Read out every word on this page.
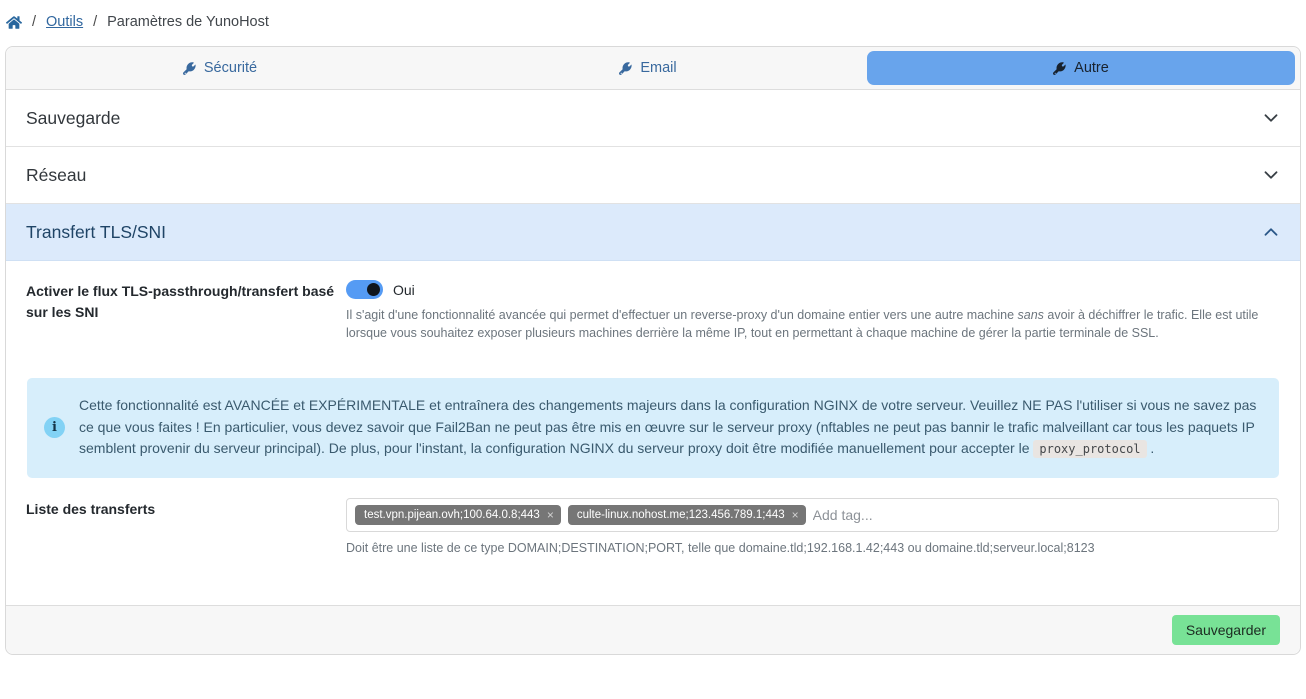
/ Outils / Paramètres de YunoHost
Sécurité	Email	Autre
Sauvegarde
Réseau
Transfert TLS/SNI
Activer le flux TLS-passthrough/transfert basé sur les SNI
Oui

Il s'agit d'une fonctionnalité avancée qui permet d'effectuer un reverse-proxy d'un domaine entier vers une autre machine sans avoir à déchiffrer le trafic. Elle est utile lorsque vous souhaitez exposer plusieurs machines derrière la même IP, tout en permettant à chaque machine de gérer la partie terminale de SSL.

i

Cette fonctionnalité est AVANCÉE et EXPÉRIMENTALE et entraînera des changements majeurs dans la configuration NGINX de votre serveur. Veuillez NE PAS l'utiliser si vous ne savez pas ce que vous faites ! En particulier, vous devez savoir que Fail2Ban ne peut pas être mis en œuvre sur le serveur proxy (nftables ne peut pas bannir le trafic malveillant car tous les paquets IP semblent provenir du serveur principal). De plus, pour l'instant, la configuration NGINX du serveur proxy doit être modifiée manuellement pour accepter le proxy_protocol .

Liste des transferts	test.vpn.pijean.ovh;100.64.0.8;443 × culte-linux.nohost.me;123.456.789.1;443 ×
Add tag...

Doit être une liste de ce type DOMAIN;DESTINATION;PORT, telle que domaine.tld;192.168.1.42;443 ou domaine.tld;serveur.local;8123

Sauvegarder
